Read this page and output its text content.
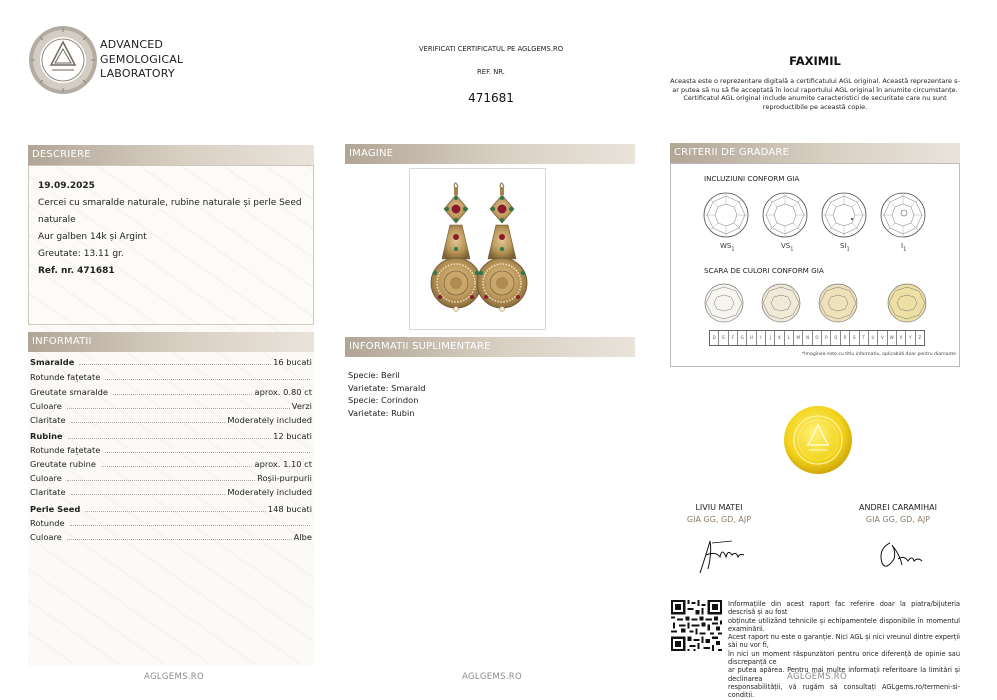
ADVANCED
GEMOLOGICAL
LABORATORY
VERIFICATI CERTIFICATUL PE AGLGEMS.RO
REF. NR.
471681
FAXIMIL
Aceasta este o reprezentare digitală a certificatului AGL original. Această reprezentare s-
ar putea să nu să fie acceptată în locul raportului AGL original în anumite circumstanțe.
Certificatul AGL original include anumite caracteristici de securitate care nu sunt
reproductibile pe această copie.
DESCRIERE
19.09.2025
Cercei cu smaralde naturale, rubine naturale și perle Seed
naturale
Aur galben 14k și Argint
Greutate: 13.11 gr.
Ref. nr. 471681
INFORMATII
Smaralde	16 bucati
Rotunde fațetate
Greutate smaralde	aprox. 0.80 ct
Culoare	Verzi
Claritate	Moderately included
Rubine	12 bucati
Rotunde fațetate
Greutate rubine	aprox. 1.10 ct
Culoare	Roșii-purpurii
Claritate	Moderately included
Perle Seed	148 bucati
Rotunde
Culoare	Albe
IMAGINE
INFORMATII SUPLIMENTARE
Specie: Beril
Varietate: Smarald
Specie: Corindon
Varietate: Rubin
CRITERII DE GRADARE
INCLUZIUNI CONFORM GIA
$WS_1$	$VS_1$	$SI_1$	$I_1$
SCARA DE CULORI CONFORM GIA
D	E	F	G	H	I	J	K	L	M	N	O	P	Q	R	S	T	U	V	W	X	Y	Z
*Imaginea este cu titlu informativ, aplicabilă doar pentru diamante
LIVIU MATEI
GIA GG, GD, AJP
ANDREI CARAMIHAI
GIA GG, GD, AJP
Informațiile din acest raport fac referire doar la piatra/bijuteria descrisă și au fost
obținute utilizând tehnicile și echipamentele disponibile în momentul examinării.
Acest raport nu este o garanție. Nici AGL și nici vreunul dintre experții săi nu vor fi,
în nici un moment răspunzători pentru orice diferență de opinie sau discrepanță ce
ar putea apărea. Pentru mai multe informații referitoare la limitări și declinarea
responsabilității, vă rugăm să consultați AGLgems.ro/termeni-si-conditii.
AGLGEMS.RO	AGLGEMS.RO	AGLGEMS.RO
